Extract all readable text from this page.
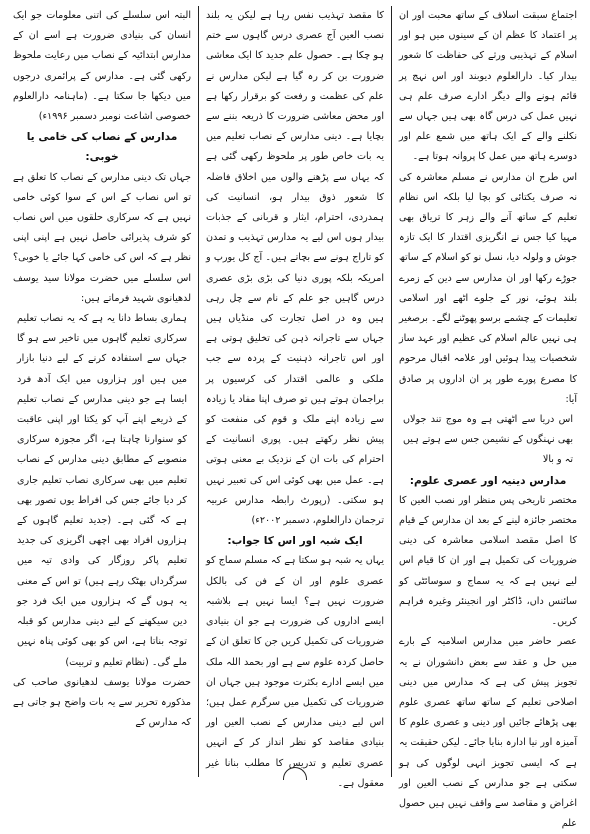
اجتماع سبقت اسلاف کے ساتھ محبت اور ان پر اعتماد کا عظم ان کے سینوں میں ہو اور اسلام کے تہذیبی ورثے کی حفاظت کا شعور بیدار کیا۔ دارالعلوم دیوبند اور اس نہج پر قائم ہونے والے دیگر ادارے صرف علم ہی نہیں عمل کی درس گاہ بھی ہیں جہاں سے نکلنے والے کے ایک ہاتھ میں شمع علم اور دوسرے ہاتھ میں عمل کا پروانہ ہوتا ہے۔

اس طرح ان مدارس نے مسلم معاشرہ کی نہ صرف یکتائی کو بچا لیا بلکہ اس نظام تعلیم کے ساتھ آنے والے زہر کا تریاق بھی مہیا کیا جس نے انگریزی اقتدار کا ایک تازہ جوش و ولولہ دیا، نسل نو کو اسلام کے ساتھ جوڑے رکھا اور ان مدارس سے دین کے زمرے بلند ہوئے، نور کے جلوے اٹھے اور اسلامی تعلیمات کے چشمے برسو پھوٹنے لگے۔ برصغیر ہی نہیں عالم اسلام کی عظیم اور عہد ساز شخصیات پیدا ہوئیں اور علامہ اقبال مرحوم کا مصرع پورے طور پر ان اداروں پر صادق آیا:

اس دریا سے اٹھتی ہے وہ موج تند جولاں بھی نہنگوں کے نشیمن جس سے ہوتے ہیں تہ و بالا

مدارس دینیہ اور عصری علوم:

مختصر تاریخی پس منظر اور نصب العین کا مختصر جائزہ لینے کے بعد ان مدارس کے قیام کا اصل مقصد اسلامی معاشرہ کی دینی ضروریات کی تکمیل ہے اور ان کا قیام اس لیے نہیں ہے کہ یہ سماج و سوسائٹی کو سائنس داں، ڈاکٹر اور انجینئر وغیرہ فراہم کریں۔

عصر حاضر میں مدارس اسلامیہ کے بارے میں حل و عقد سے بعض دانشوران نے یہ تجویز پیش کی ہے کہ مدارس میں دینی اصلاحی تعلیم کے ساتھ ساتھ عصری علوم بھی پڑھائے جائیں اور دینی و عصری علوم کا آمیزہ اور نیا ادارہ بنایا جائے۔ لیکن حقیقت یہ ہے کہ ایسی تجویز انہی لوگوں کی ہو سکتی ہے جو مدارس کے نصب العین اور اغراض و مقاصد سے واقف نہیں ہیں حصول علم

کا مقصد تہذیب نفس رہا ہے لیکن یہ بلند نصب العین آج عصری درس گاہوں سے ختم ہو چکا ہے۔ حصول علم جدید کا ایک معاشی ضرورت بن کر رہ گیا ہے لیکن مدارس نے علم کی عظمت و رفعت کو برقرار رکھا ہے اور محض معاشی ضرورت کا ذریعہ بننے سے بچایا ہے۔ دینی مدارس کے نصاب تعلیم میں یہ بات خاص طور پر ملحوظ رکھی گئی ہے کہ یہاں سے پڑھنے والوں میں اخلاق فاضلہ کا شعور ذوق بیدار ہو، انسانیت کی ہمدردی، احترام، ایثار و قربانی کے جذبات بیدار ہوں اس لیے یہ مدارس تہذیب و تمدن کو تاراج ہونے سے بچاتے ہیں۔ آج کل یورپ و امریکہ بلکہ پوری دنیا کی بڑی بڑی عصری درس گاہیں جو علم کے نام سے چل رہی ہیں وہ در اصل تجارت کی منڈیاں ہیں جہاں سے تاجرانہ ذہن کی تخلیق ہوتی ہے اور اس تاجرانہ ذہنیت کے پردہ سے جب ملکی و عالمی اقتدار کی کرسیوں پر براجمان ہوتے ہیں تو صرف اپنا مفاد یا زیادہ سے زیادہ اپنے ملک و قوم کی منفعت کو پیش نظر رکھتے ہیں۔ پوری انسانیت کے احترام کی بات ان کے نزدیک بے معنی ہوتی ہے۔ عمل میں بھی کوئی اس کی تعبیر نہیں ہو سکتی۔ (رپورٹ رابطہ مدارس عربیہ ترجمان دارالعلوم، دسمبر ۲۰۰۲ء)

ایک شبہ اور اس کا جواب:

یہاں یہ شبہ ہو سکتا ہے کہ مسلم سماج کو عصری علوم اور ان کے فن کی بالکل ضرورت نہیں ہے؟ ایسا نہیں ہے بلاشبہ ایسے اداروں کی ضرورت ہے جو ان بنیادی ضروریات کی تکمیل کریں جن کا تعلق ان کے حاصل کردہ علوم سے ہے اور بحمد اللہ ملک میں ایسے ادارے بکثرت موجود ہیں جہاں ان ضروریات کی تکمیل میں سرگرم عمل ہیں؛ اس لیے دینی مدارس کے نصب العین اور بنیادی مقاصد کو نظر انداز کر کے انہیں عصری تعلیم و تدریس کا مطلب بنانا غیر معقول ہے۔

البتہ اس سلسلے کی اتنی معلومات جو ایک انسان کی بنیادی ضرورت ہے اسے ان کے مدارس ابتدائیہ کے نصاب میں رعایت ملحوظ رکھی گئی ہے۔ مدارس کے پرائمری درجوں میں دیکھا جا سکتا ہے۔ (ماہنامہ دارالعلوم خصوصی اشاعت نومبر دسمبر ۱۹۹۶ء)

مدارس کے نصاب کی خامی یا خوبی:

جہاں تک دینی مدارس کے نصاب کا تعلق ہے تو اس نصاب کے اس کے سوا کوئی خامی نہیں ہے کہ سرکاری حلقوں میں اس نصاب کو شرف پذیرائی حاصل نہیں ہے اپنی اپنی نظر ہے کہ اس کی خامی کہا جائے یا خوبی؟ اس سلسلے میں حضرت مولانا سید یوسف لدھیانوی شہید فرماتے ہیں:

ہماری بساط دانا یہ ہے کہ یہ نصاب تعلیم سرکاری تعلیم گاہوں میں تاخیر سے ہو گا جہاں سے استفادہ کرنے کے لیے دنیا بازار میں ہیں اور ہزاروں میں ایک آدھ فرد ایسا ہے جو دینی مدارس کے نصاب تعلیم کے ذریعے اپنے آپ کو یکتا اور اپنی عاقبت کو سنوارنا چاہتا ہے، اگر مجوزہ سرکاری منصوبے کے مطابق دینی مدارس کے نصاب تعلیم میں بھی سرکاری نصاب تعلیم جاری کر دیا جائے جس کی افراط یوں تصور بھی ہے کہ گئی ہے۔ (جدید تعلیم گاہوں کے ہزاروں افراد بھی اچھی اگریزی کی جدید تعلیم پاکر روزگار کی وادی تیہ میں سرگرداں بھٹک رہے ہیں) تو اس کے معنی یہ ہوں گے کہ ہزاروں میں ایک فرد جو دین سیکھنے کے لیے دینی مدارس کو قبلہ توجہ بناتا ہے، اس کو بھی کوئی پناہ نہیں ملے گی۔ (نظام تعلیم و تربیت)

حضرت مولانا یوسف لدھیانوی صاحب کی مذکورہ تحریر سے یہ بات واضح ہو جاتی ہے کہ مدارس کے
